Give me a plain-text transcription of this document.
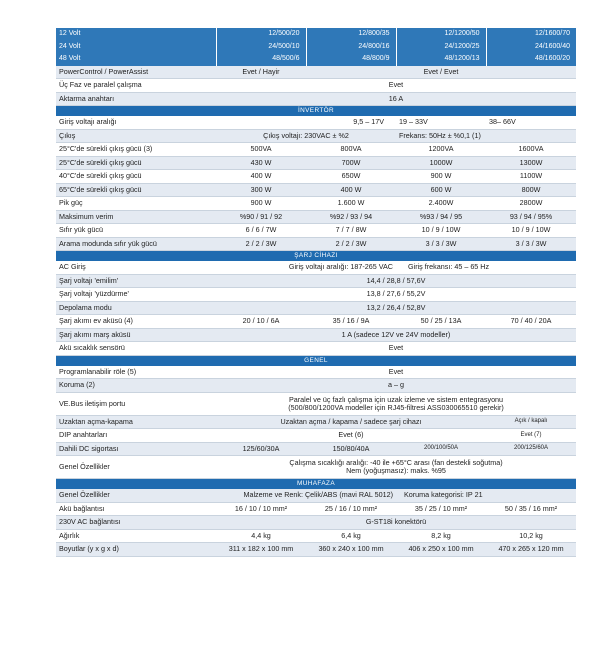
12 Volt	12/500/20	12/800/35	12/1200/50	12/1600/70
24 Volt	24/500/10	24/800/16	24/1200/25	24/1600/40
48 Volt	48/500/6	48/800/9	48/1200/13	48/1600/20
PowerControl / PowerAssist	Evet / Hayir	Evet / Evet		
Üç Faz ve paralel çalışma	Evet			
Aktarma anahtarı	16 A			
İNVERTÖR				
Giriş voltajı aralığı	9,5 – 17V		19 – 33V	38– 66V
Çıkış	Çıkış voltajı: 230VAC ± %2		Frekans: 50Hz ± %0,1 (1)	
25°C'de sürekli çıkış gücü (3)	500VA	800VA	1200VA	1600VA
25°C'de sürekli çıkış gücü	430 W	700W	1000W	1300W
40°C'de sürekli çıkış gücü	400 W	650W	900 W	1100W
65°C'de sürekli çıkış gücü	300 W	400 W	600 W	800W
Pik güç	900 W	1.600 W	2.400W	2800W
Maksimum verim	%90 / 91 / 92	%92 / 93 / 94	%93 / 94 / 95	93 / 94 / 95%
Sıfır yük gücü	6 / 6 / 7W	7 / 7 / 8W	10 / 9 / 10W	10 / 9 / 10W
Arama modunda sıfır yük gücü	2 / 2 / 3W	2 / 2 / 3W	3 / 3 / 3W	3 / 3 / 3W
ŞARJ CİHAZI				
AC Giriş	Giriş voltajı aralığı: 187-265 VAC		Giriş frekansı: 45 – 65 Hz	
Şarj voltajı 'emilim'	14,4 / 28,8 / 57,6V			
Şarj voltajı 'yüzdürme'	13,8 / 27,6 / 55,2V			
Depolama modu	13,2 / 26,4 / 52,8V			
Şarj akımı ev aküsü (4)	20 / 10 / 6A	35 / 16 / 9A	50 / 25 / 13A	70 / 40 / 20A
Şarj akımı marş aküsü	1 A (sadece 12V ve 24V modeller)			
Akü sıcaklık sensörü	Evet			
GENEL				
Programlanabilir röle (5)	Evet			
Koruma (2)	a – g			
VE.Bus iletişim portu	Paralel ve üç fazlı çalışma için uzak izleme ve sistem entegrasyonu
(500/800/1200VA modeller için RJ45-filtresi ASS030065510 gerekir)			

Uzaktan açma-kapama	Uzaktan açma / kapama / sadece şarj cihazı			Açık / kapalı
DIP anahtarları	Evet (6)			Evet (7)
Dahili DC sigortası	125/60/30A	150/80/40A	200/100/50A	200/125/60A
Genel Özellikler	Çalışma sıcaklığı aralığı: -40 ile +65°C arası (fan destekli soğutma)
Nem (yoğuşmasız): maks. %95			

MUHAFAZA				
Genel Özellikler	Malzeme ve Renk: Çelik/ABS (mavi RAL 5012)		Koruma kategorisi: IP 21	
Akü bağlantısı	16 / 10 / 10 mm²	25 / 16 / 10 mm²	35 / 25 / 10 mm²	50 / 35 / 16 mm²
230V AC bağlantısı	G-ST18i konektörü			
Ağırlık	4,4 kg	6,4 kg	8,2 kg	10,2 kg
Boyutlar (y x g x d)	311 x 182 x 100 mm	360 x 240 x 100 mm	406 x 250 x 100 mm	470 x 265 x 120 mm
